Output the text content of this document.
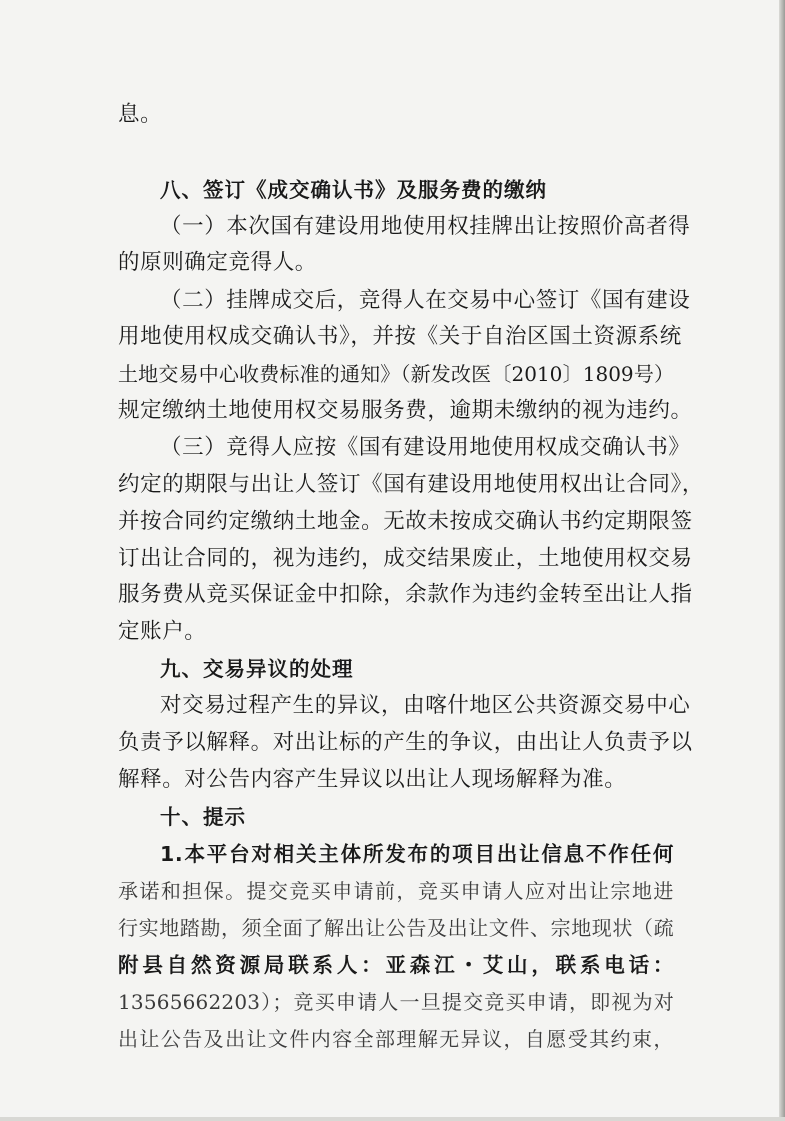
息。
八、签订《成交确认书》及服务费的缴纳
（一）本次国有建设用地使用权挂牌出让按照价高者得
的原则确定竞得人。
（二）挂牌成交后，竞得人在交易中心签订《国有建设
用地使用权成交确认书》，并按《关于自治区国土资源系统
土地交易中心收费标准的通知》（新发改医〔2010〕1809号）
规定缴纳土地使用权交易服务费，逾期未缴纳的视为违约。
（三）竞得人应按《国有建设用地使用权成交确认书》
约定的期限与出让人签订《国有建设用地使用权出让合同》，
并按合同约定缴纳土地金。无故未按成交确认书约定期限签
订出让合同的，视为违约，成交结果废止，土地使用权交易
服务费从竞买保证金中扣除，余款作为违约金转至出让人指
定账户。
九、交易异议的处理
对交易过程产生的异议，由喀什地区公共资源交易中心
负责予以解释。对出让标的产生的争议，由出让人负责予以
解释。对公告内容产生异议以出让人现场解释为准。
十、提示
1.本平台对相关主体所发布的项目出让信息不作任何
承诺和担保。提交竞买申请前，竞买申请人应对出让宗地进
行实地踏勘，须全面了解出让公告及出让文件、宗地现状（疏
附县自然资源局联系人：亚森江・艾山，联系电话：
13565662203）；竞买申请人一旦提交竞买申请，即视为对
出让公告及出让文件内容全部理解无异议，自愿受其约束，
